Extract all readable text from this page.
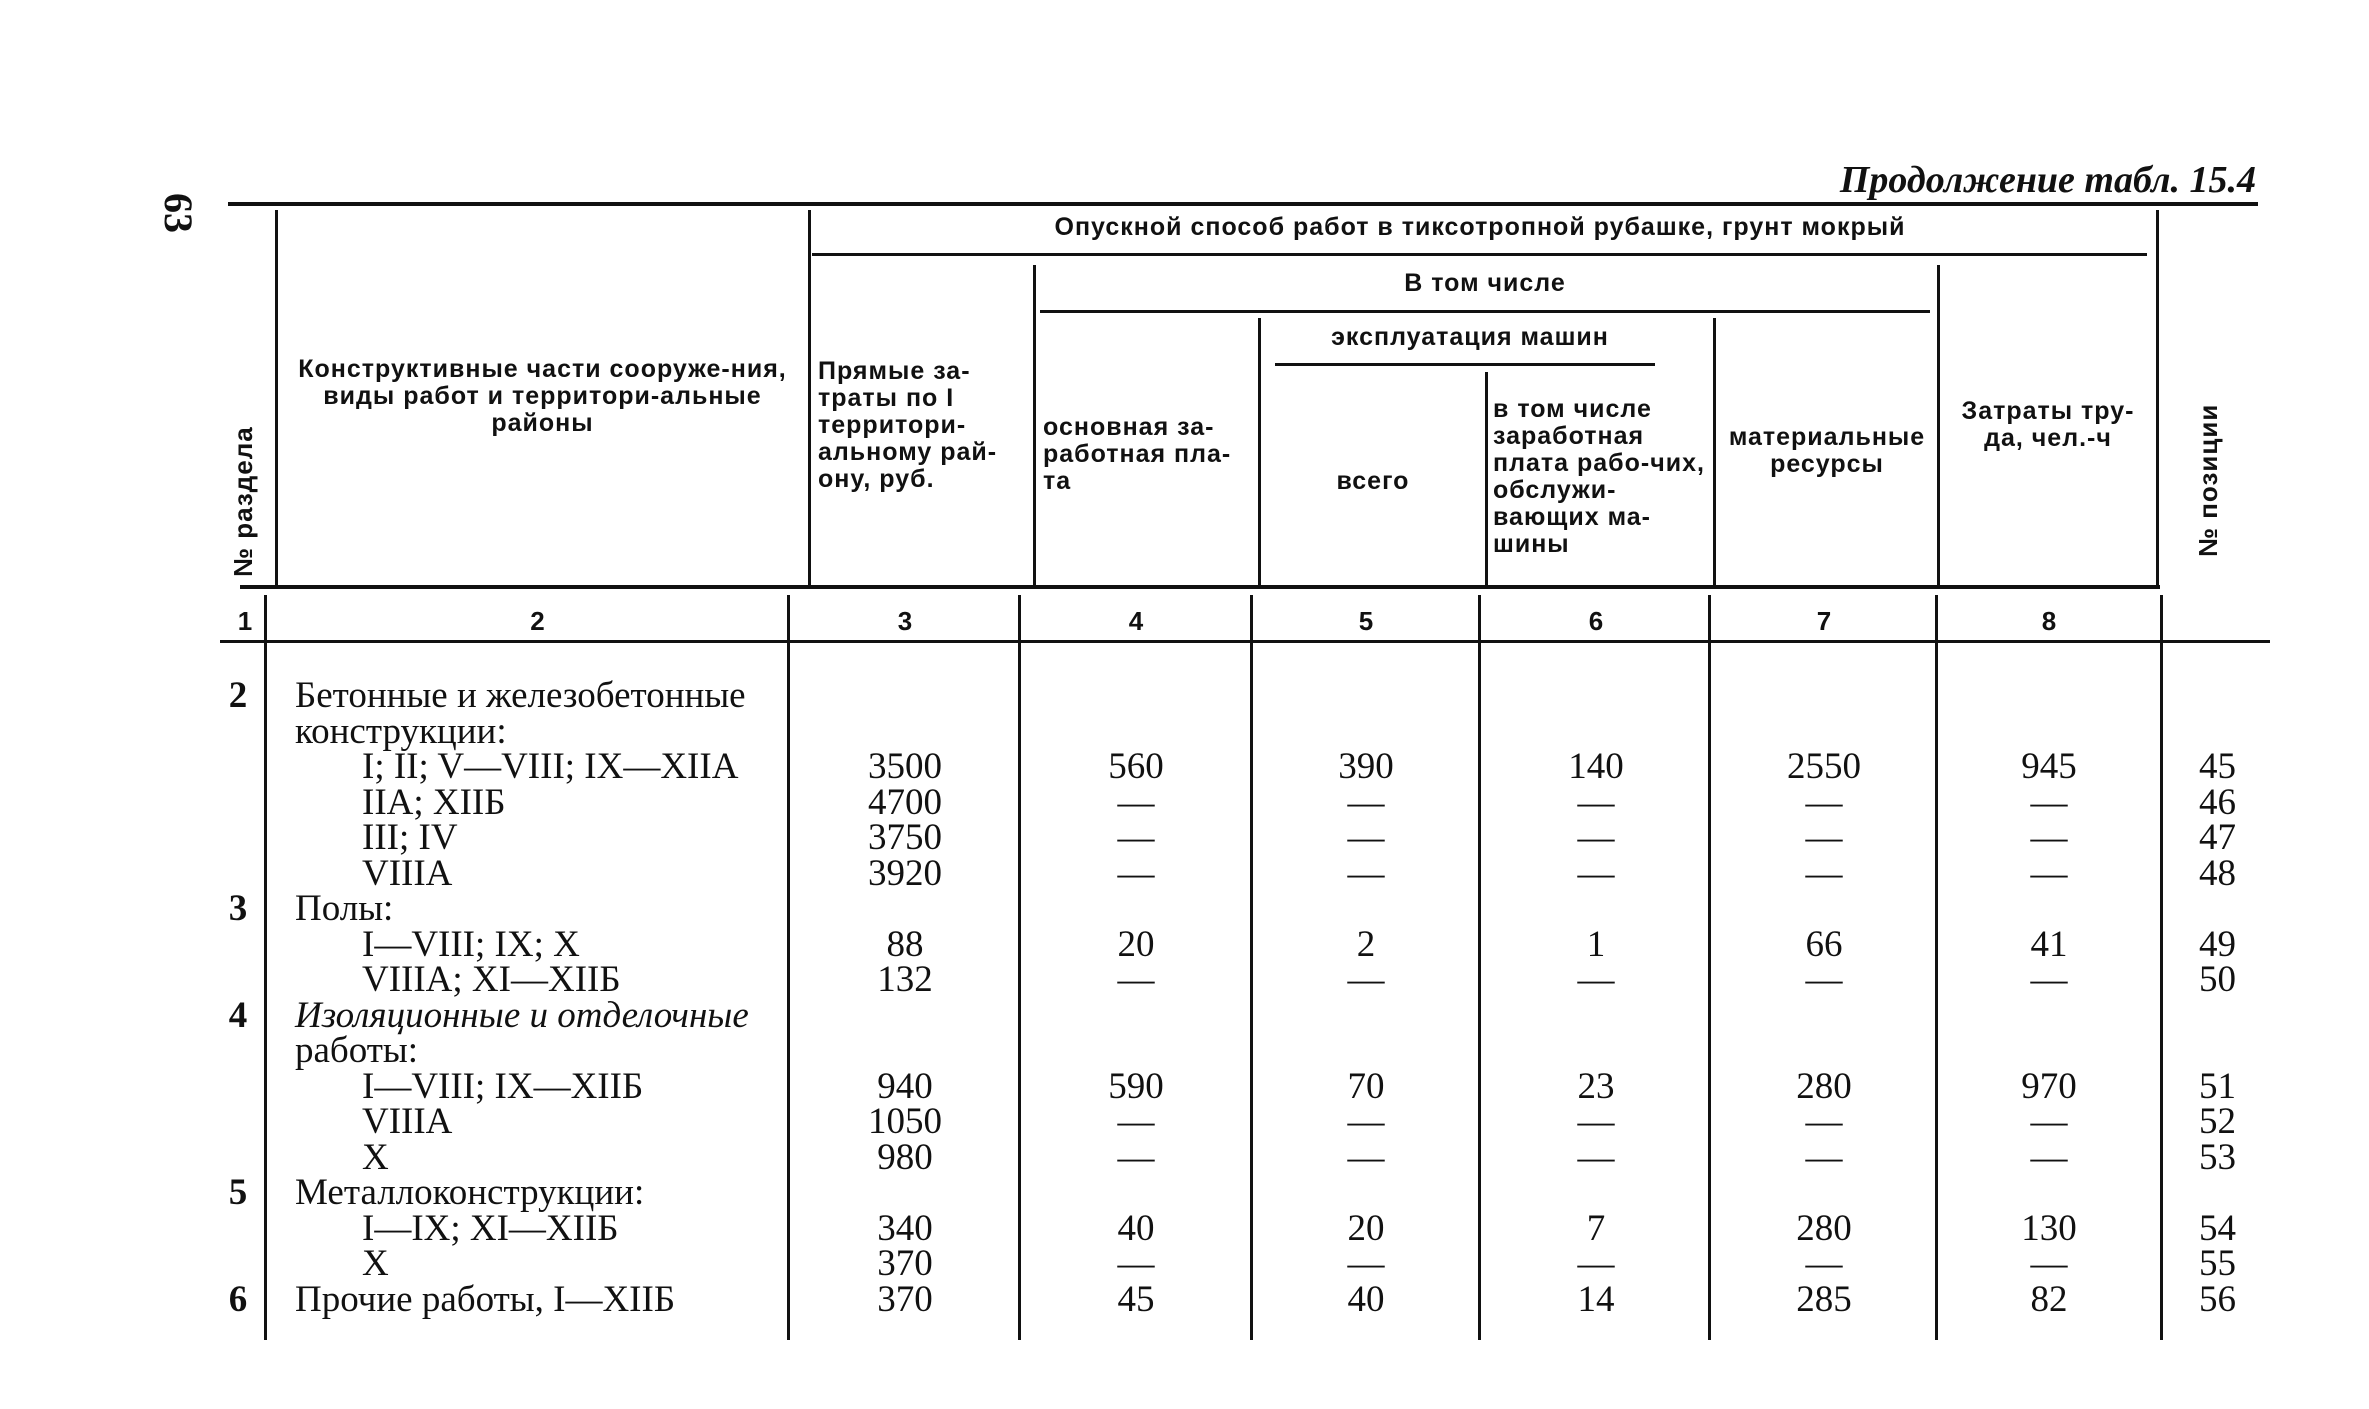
63
Продолжение табл. 15.4
№ раздела
Конструктивные части сооруже-ния, виды работ и территори-альные районы
Опускной способ работ в тиксотропной рубашке, грунт мокрый
Прямые за-траты по I территори-альному рай-ону, руб.
В том числе
основная за-работная пла-та
эксплуатация машин
всего
в том числе заработная плата рабо-чих, обслужи-вающих ма-шины
материальные ресурсы
Затраты тру-да, чел.-ч	№ позиции
1	2	3	4	5	6	7	8
2 Бетонные и железобетонные
конструкции:
I; II; V—VIII; IX—XIIA	3500	560	390	140	2550	945	45
IIA; XIIБ	4700	—	—	—	—	—	46
III; IV	3750	—	—	—	—	—	47
VIIIA	3920	—	—	—	—	—	48
3 Полы:
I—VIII; IX; X	88	20	2	1	66	41	49
VIIIA; XI—XIIБ	132	—	—	—	—	—	50
4 Изоляционные и отделочные
работы:
I—VIII; IX—XIIБ	940	590	70	23	280	970	51
VIIIA	1050	—	—	—	—	—	52
X	980	—	—	—	—	—	53
5 Металлоконструкции:
I—IX; XI—XIIБ	340	40	20	7	280	130	54
X	370	—	—	—	—	—	55
6 Прочие работы, I—XIIБ	370	45	40	14	285	82	56
